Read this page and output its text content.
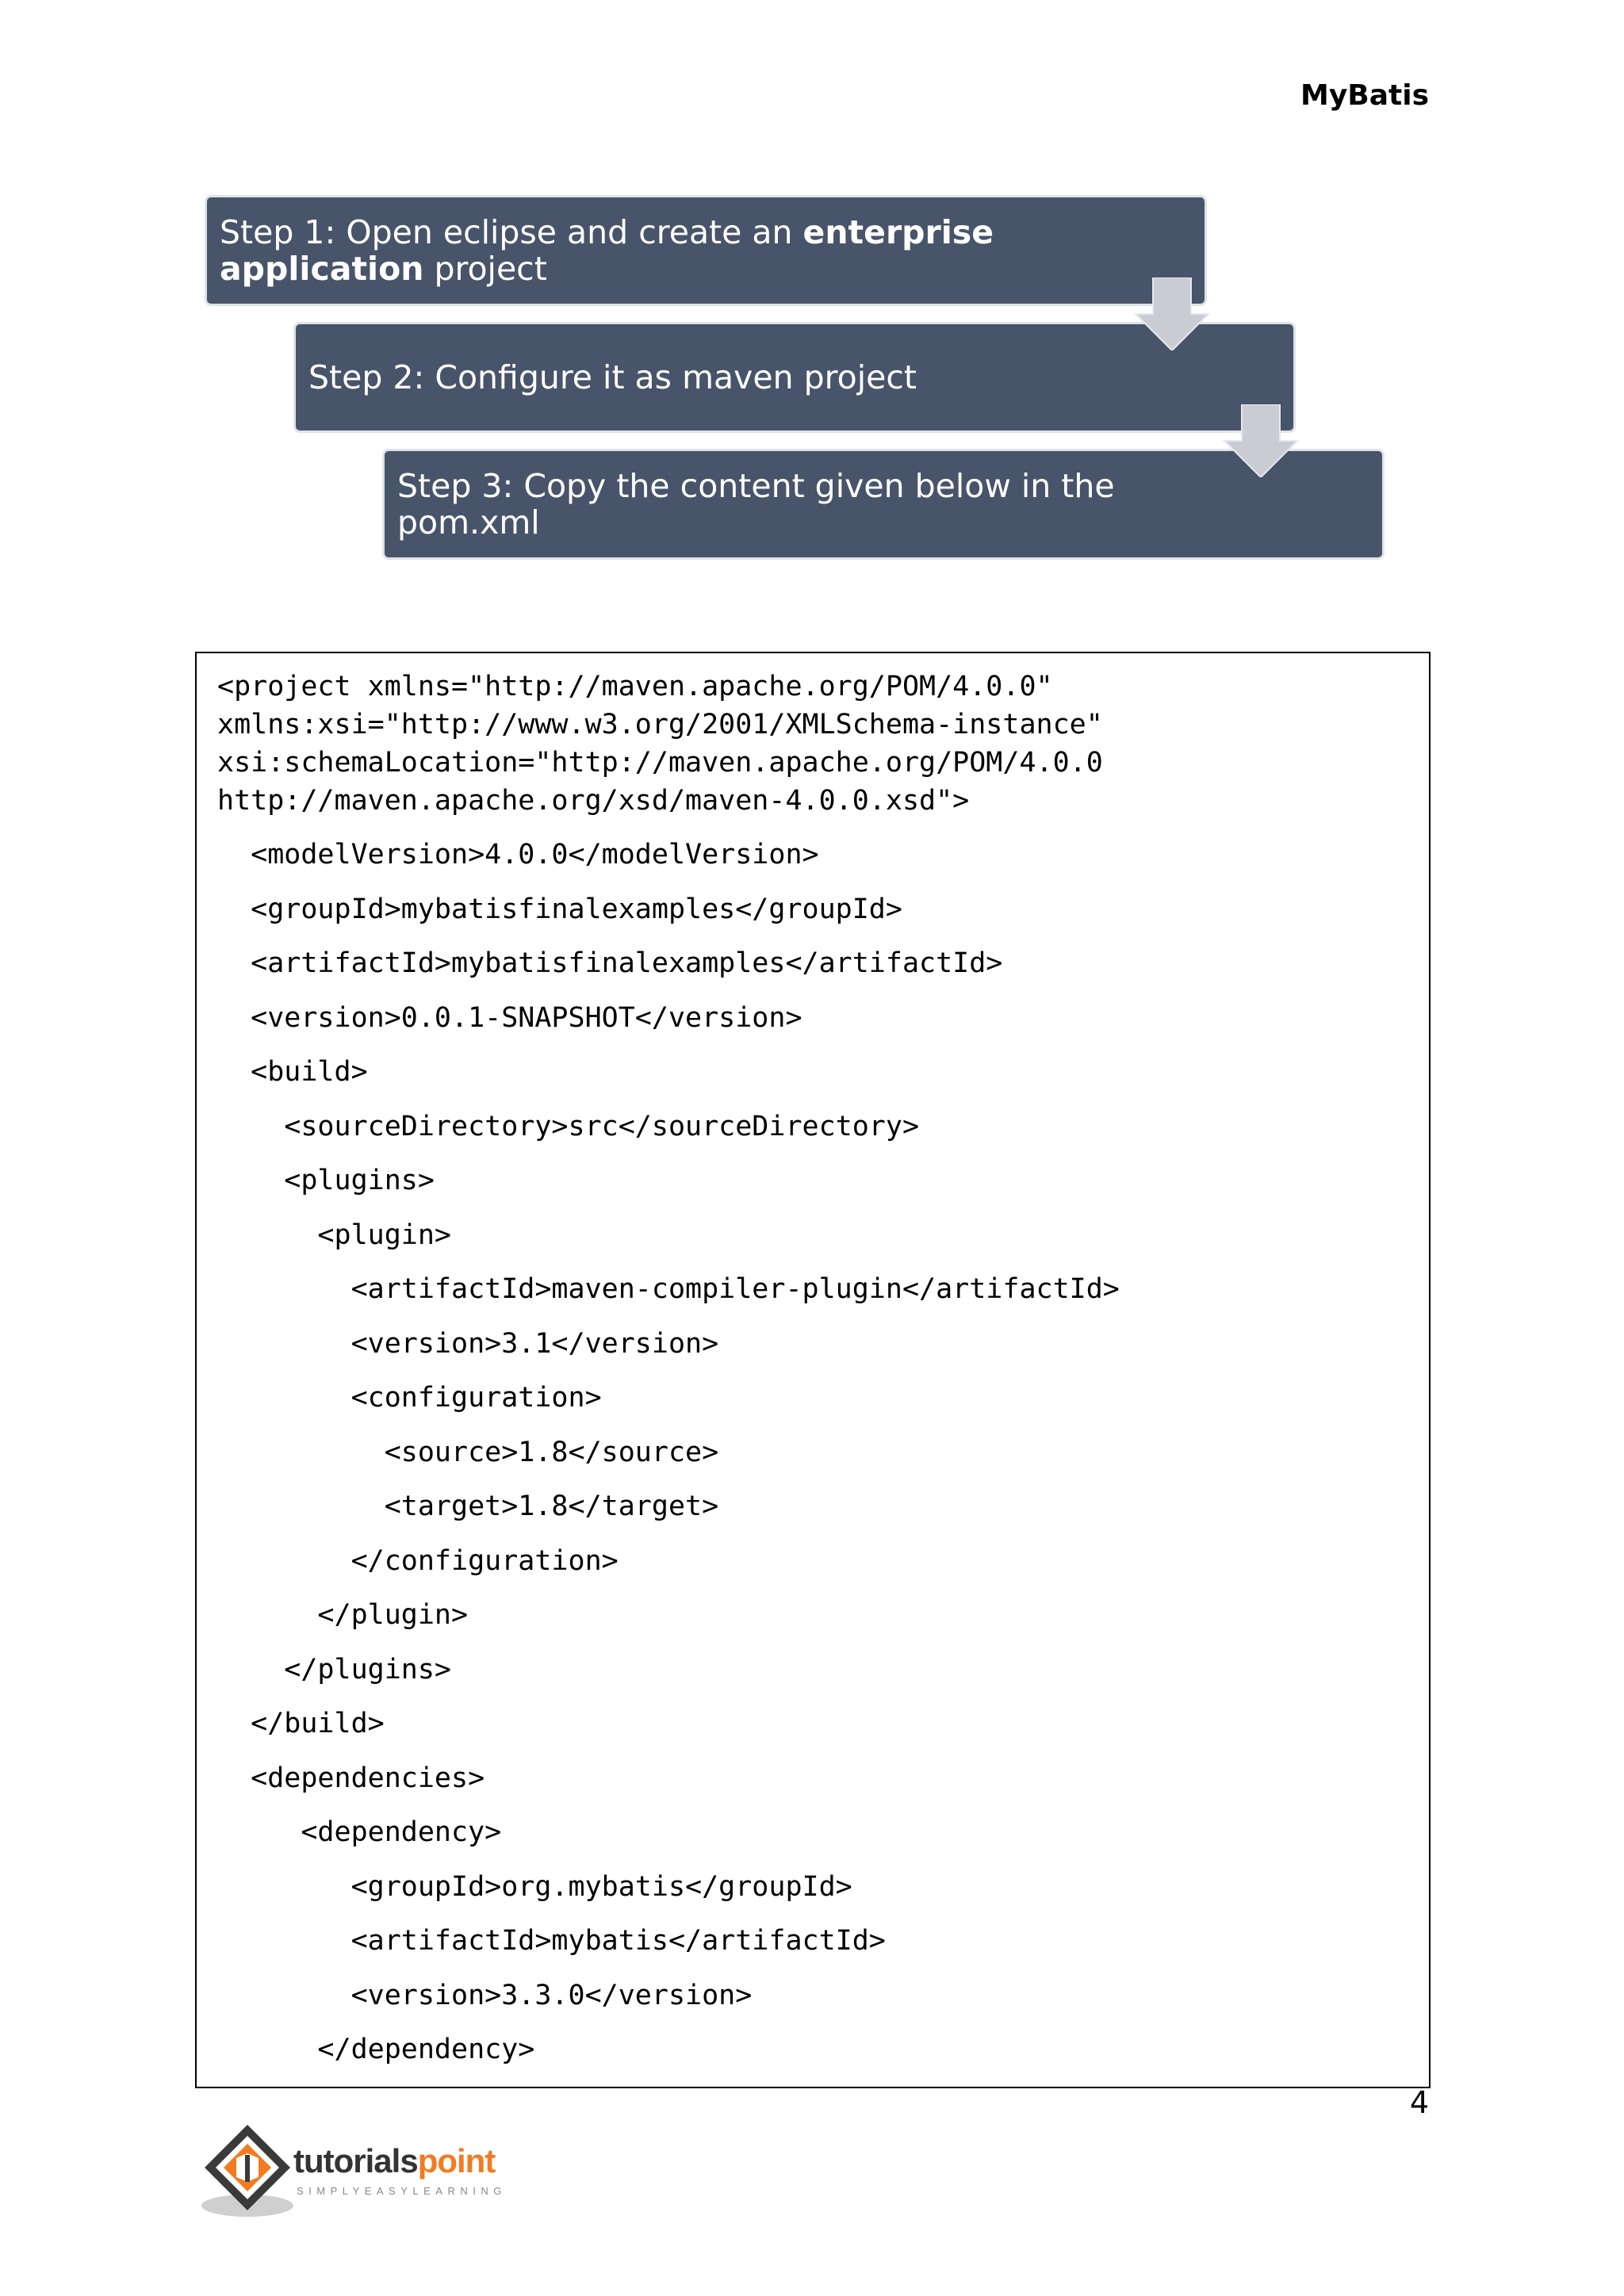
MyBatis
Step 1: Open eclipse and create an enterprise application project
Step 2: Configure it as maven project
Step 3: Copy the content given below in the pom.xml
<project xmlns="http://maven.apache.org/POM/4.0.0"
xmlns:xsi="http://www.w3.org/2001/XMLSchema-instance"
xsi:schemaLocation="http://maven.apache.org/POM/4.0.0
http://maven.apache.org/xsd/maven-4.0.0.xsd">
<modelVersion>4.0.0</modelVersion>
<groupId>mybatisfinalexamples</groupId>
<artifactId>mybatisfinalexamples</artifactId>
<version>0.0.1-SNAPSHOT</version>
<build>
<sourceDirectory>src</sourceDirectory>
<plugins>
<plugin>
<artifactId>maven-compiler-plugin</artifactId>
<version>3.1</version>
<configuration>
<source>1.8</source>
<target>1.8</target>
</configuration>
</plugin>
</plugins>
</build>
<dependencies>
<dependency>
<groupId>org.mybatis</groupId>
<artifactId>mybatis</artifactId>
<version>3.3.0</version>
</dependency>
4
tutorialspoint
SIMPLYEASYLEARNING
